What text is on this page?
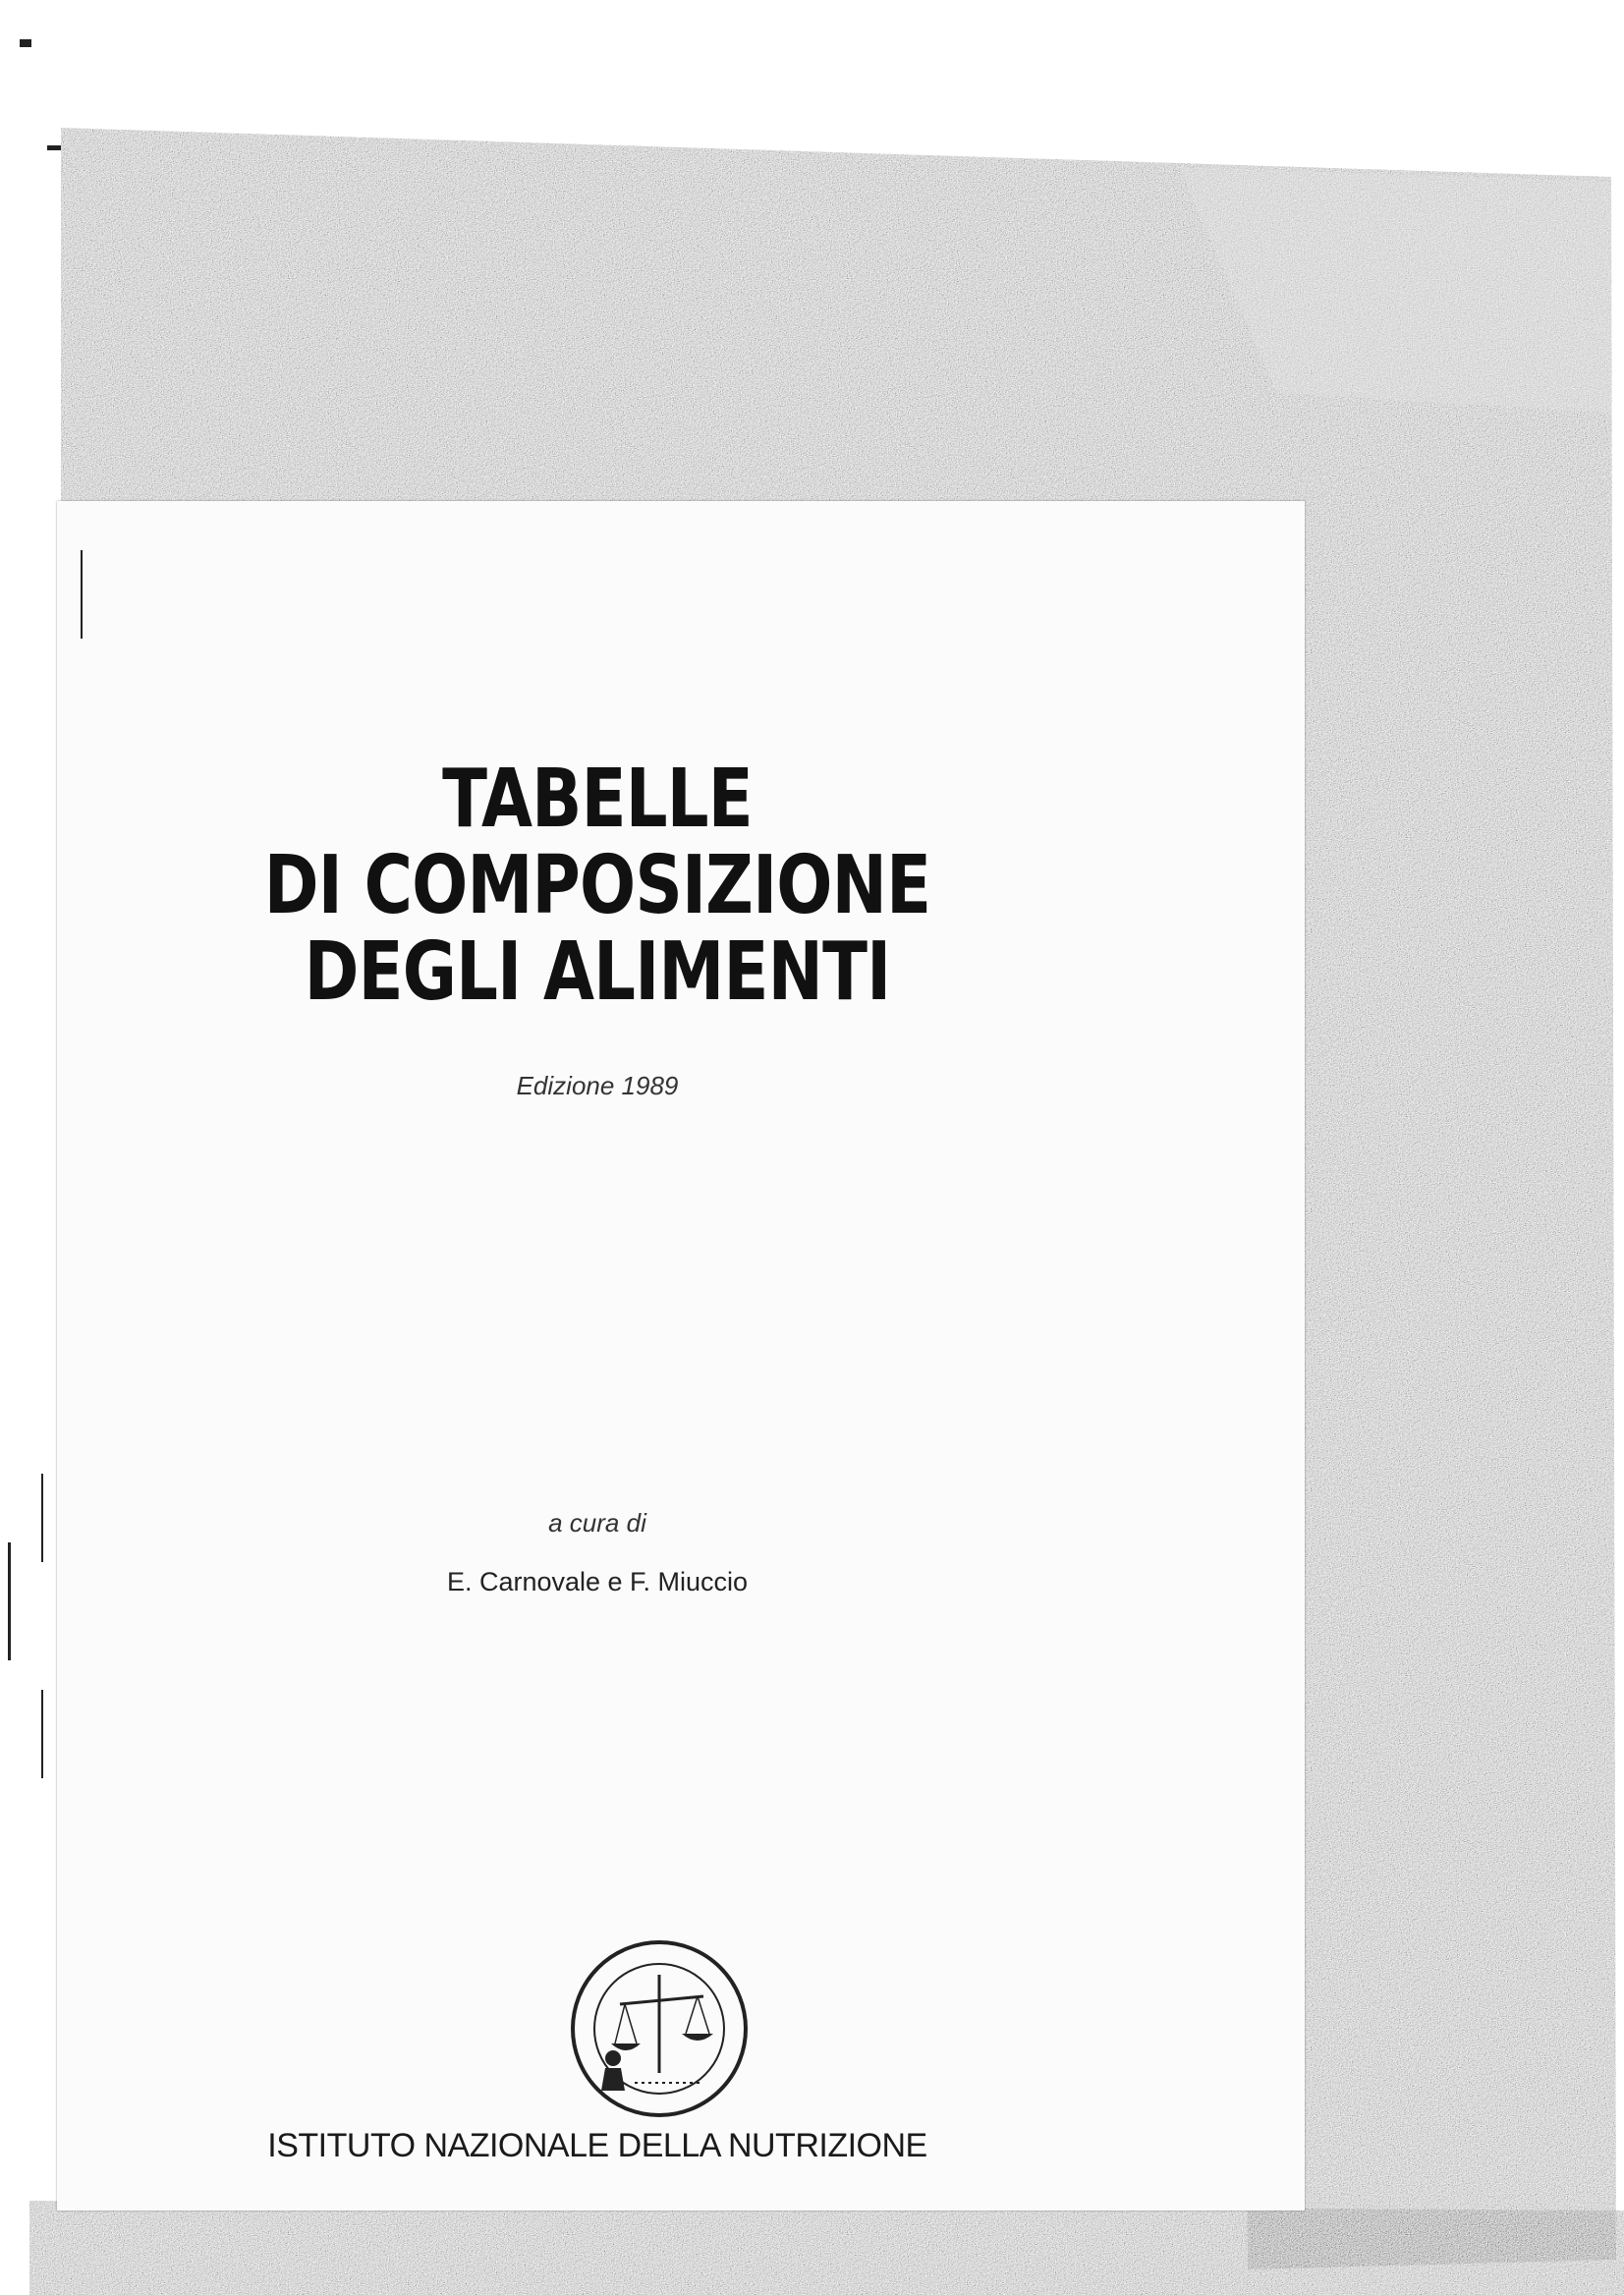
TABELLE
DI COMPOSIZIONE
DEGLI ALIMENTI
Edizione 1989
a cura di
E. Carnovale e F. Miuccio
ISTITUTO NAZIONALE DELLA NUTRIZIONE
